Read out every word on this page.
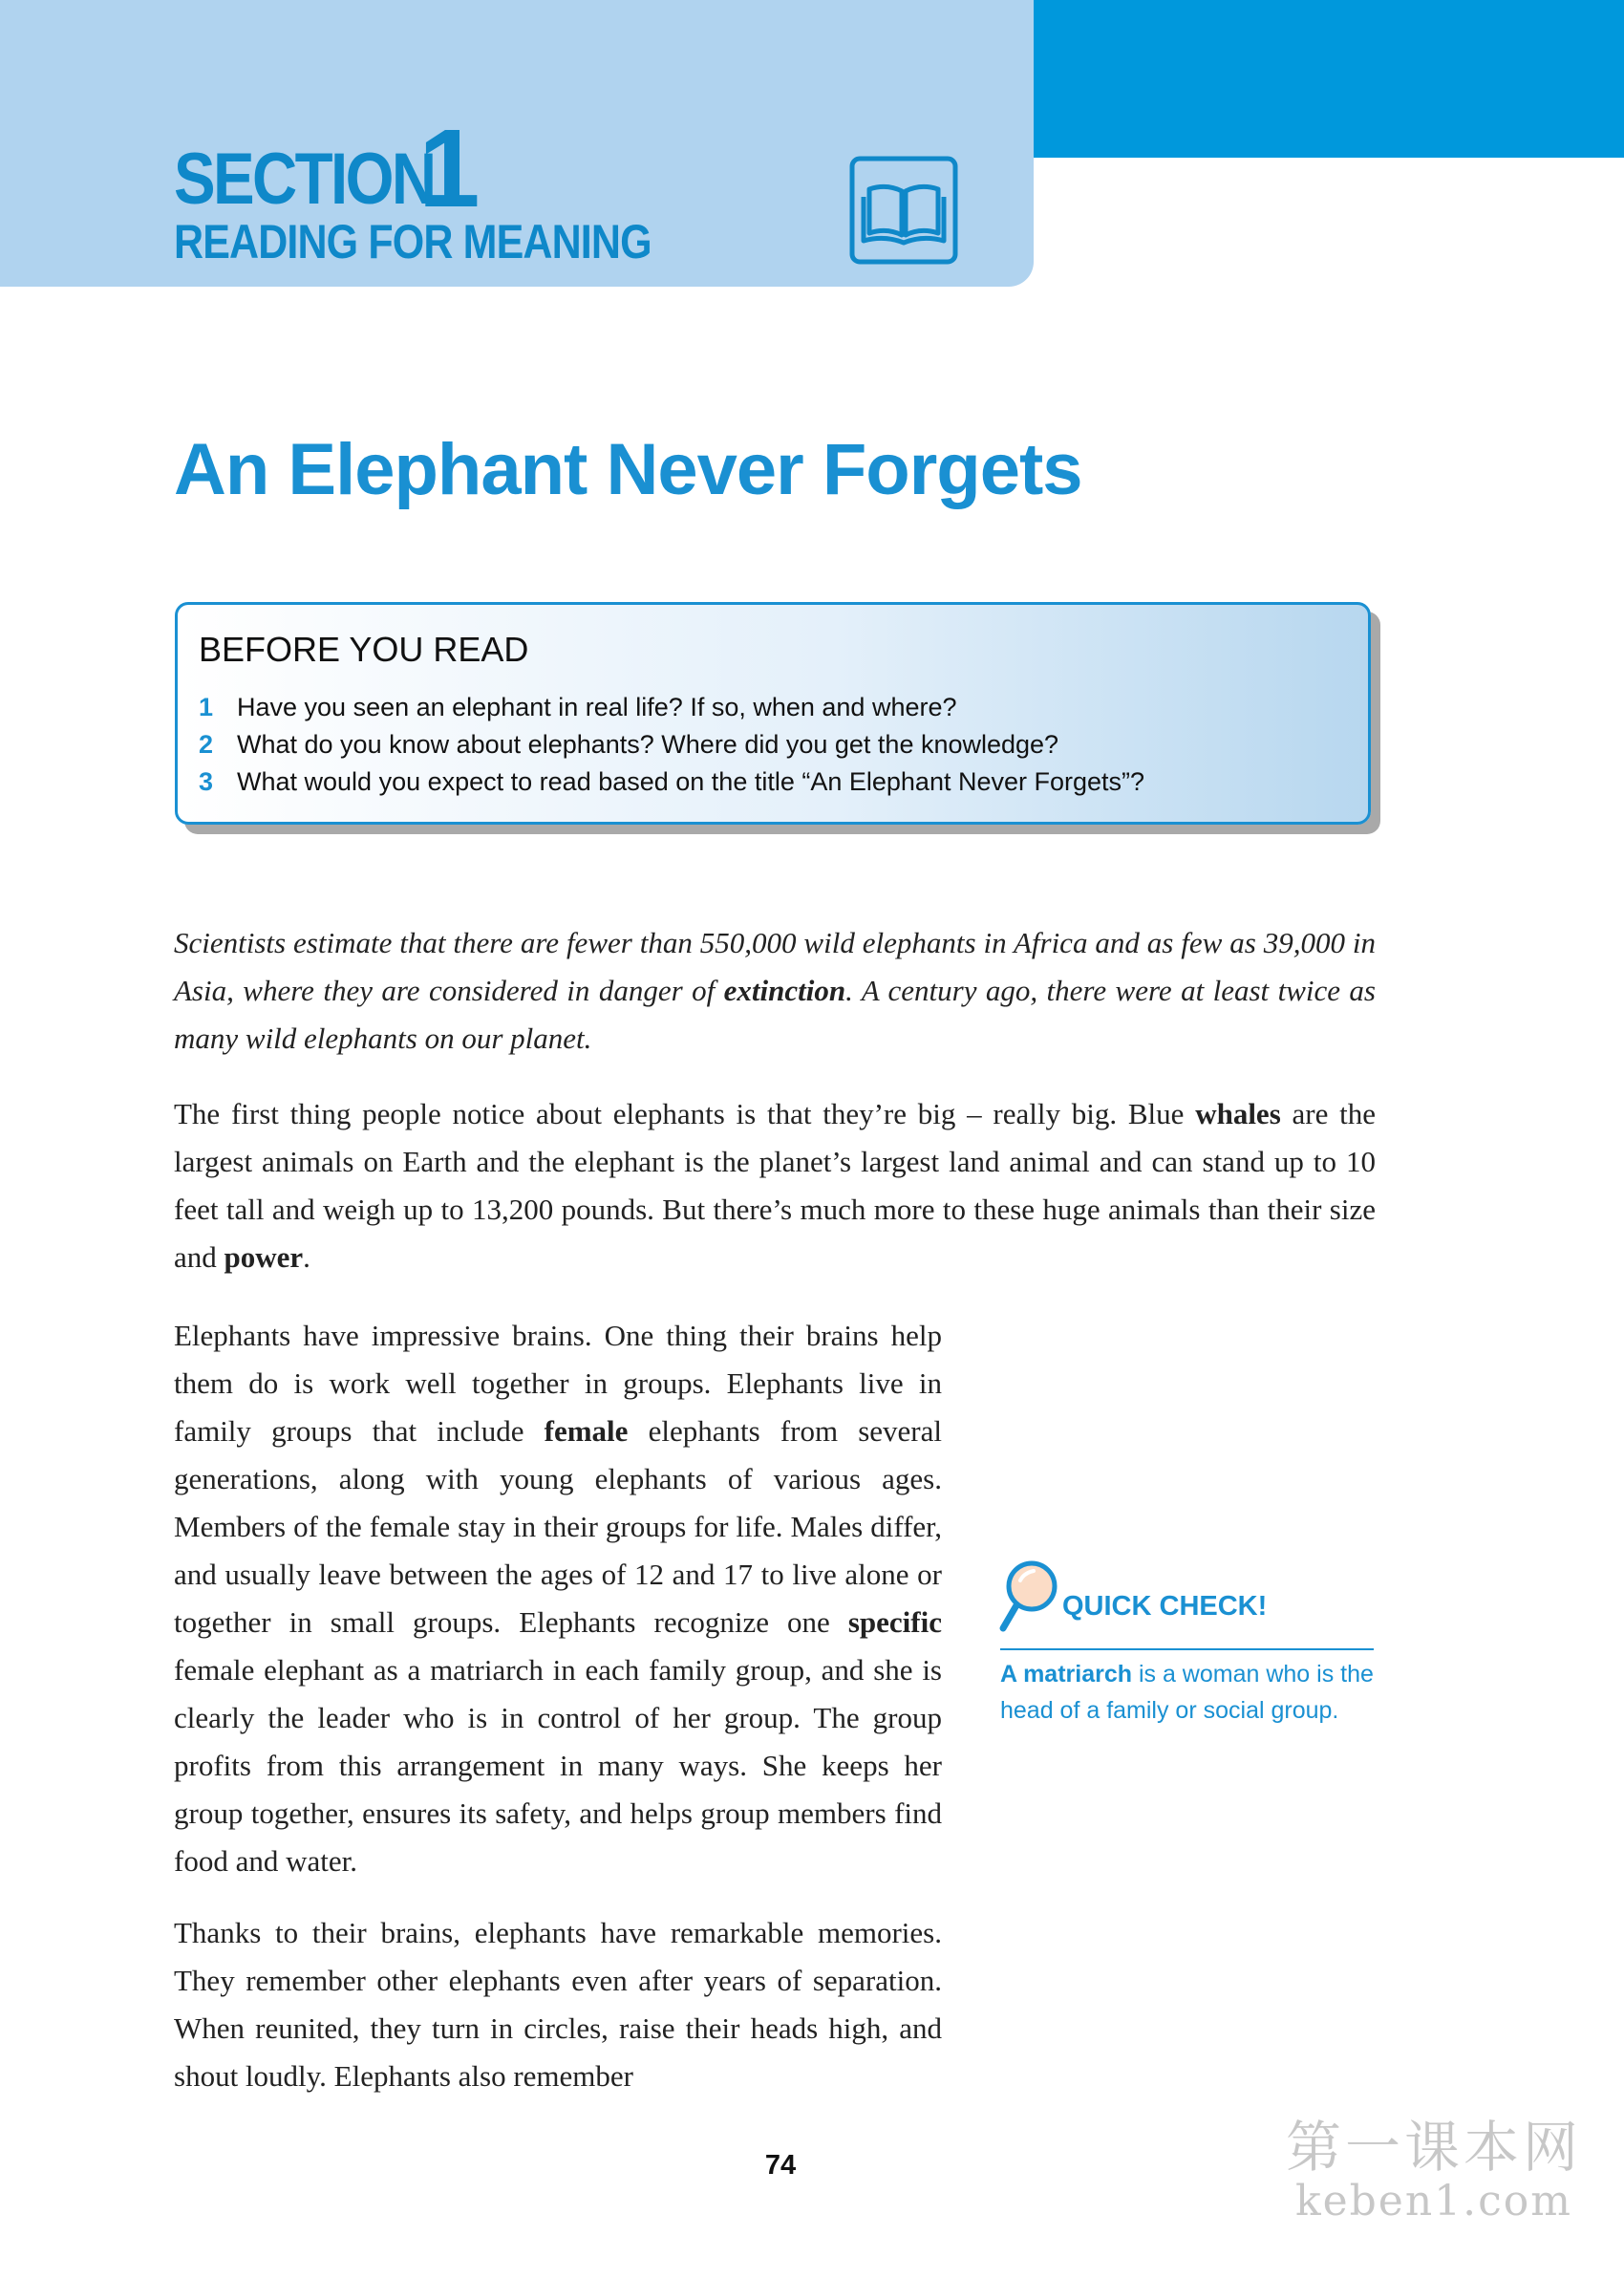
SECTION
1
READING FOR MEANING
An Elephant Never Forgets
BEFORE YOU READ
1 Have you seen an elephant in real life? If so, when and where?
2 What do you know about elephants? Where did you get the knowledge?
3 What would you expect to read based on the title “An Elephant Never Forgets”?

Scientists estimate that there are fewer than 550,000 wild elephants in Africa and as few as 39,000 in Asia, where they are considered in danger of extinction. A century ago, there were at least twice as many wild elephants on our planet.

The first thing people notice about elephants is that they’re big – really big. Blue whales are the largest animals on Earth and the elephant is the planet’s largest land animal and can stand up to 10 feet tall and weigh up to 13,200 pounds. But there’s much more to these huge animals than their size and power.

Elephants have impressive brains. One thing their brains help them do is work well together in groups. Elephants live in family groups that include female elephants from several generations, along with young elephants of various ages. Members of the female stay in their groups for life. Males differ, and usually leave between the ages of 12 and 17 to live alone or together in small groups. Elephants recognize one specific female elephant as a matriarch in each family group, and she is clearly the leader who is in control of her group. The group profits from this arrangement in many ways. She keeps her group together, ensures its safety, and helps group members find food and water.

Thanks to their brains, elephants have remarkable memories. They remember other elephants even after years of separation. When reunited, they turn in circles, raise their heads high, and shout loudly. Elephants also remember

QUICK CHECK!

A matriarch is a woman who is the head of a family or social group.

74	第一课本网
keben1.com
